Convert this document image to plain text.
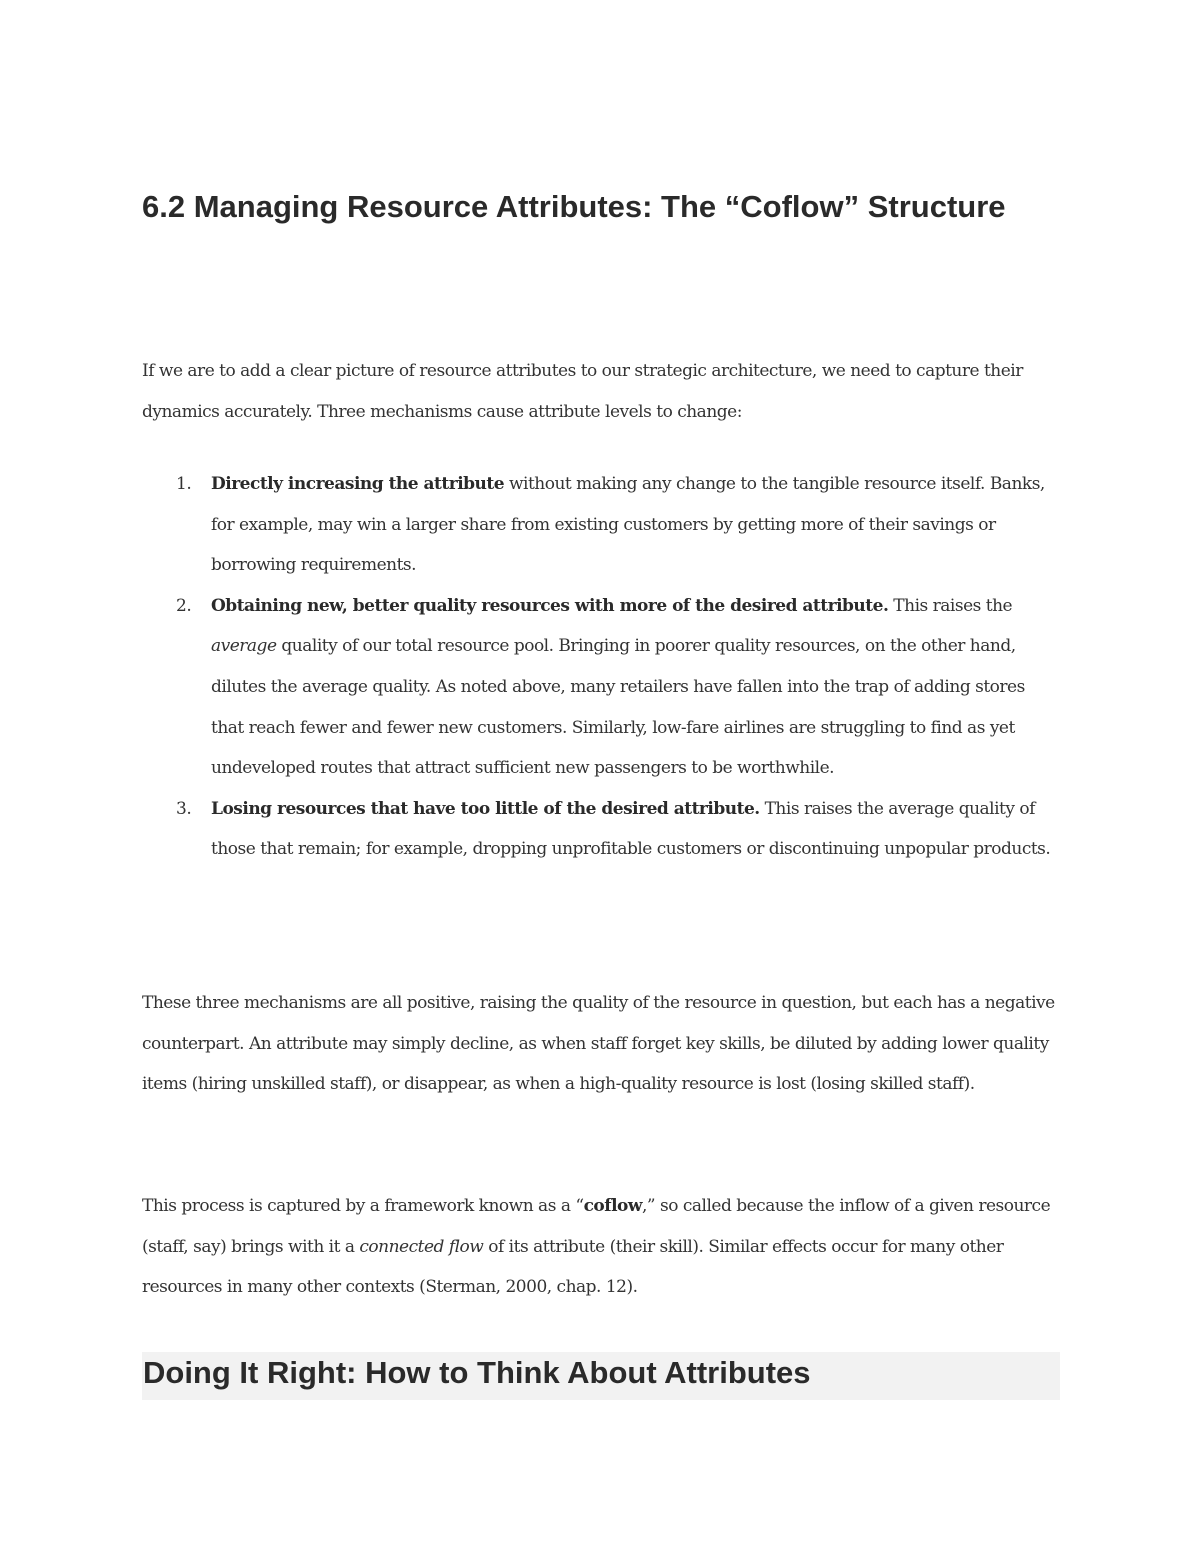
6.2 Managing Resource Attributes: The “Coflow” Structure

If we are to add a clear picture of resource attributes to our strategic architecture, we need to capture their dynamics accurately. Three mechanisms cause attribute levels to change:

1. Directly increasing the attribute without making any change to the tangible resource itself. Banks, for example, may win a larger share from existing customers by getting more of their savings or borrowing requirements.
2. Obtaining new, better quality resources with more of the desired attribute. This raises the average quality of our total resource pool. Bringing in poorer quality resources, on the other hand, dilutes the average quality. As noted above, many retailers have fallen into the trap of adding stores that reach fewer and fewer new customers. Similarly, low-fare airlines are struggling to find as yet undeveloped routes that attract sufficient new passengers to be worthwhile.
3. Losing resources that have too little of the desired attribute. This raises the average quality of those that remain; for example, dropping unprofitable customers or discontinuing unpopular products.

These three mechanisms are all positive, raising the quality of the resource in question, but each has a negative counterpart. An attribute may simply decline, as when staff forget key skills, be diluted by adding lower quality items (hiring unskilled staff), or disappear, as when a high-quality resource is lost (losing skilled staff).

This process is captured by a framework known as a “coflow,” so called because the inflow of a given resource (staff, say) brings with it a connected flow of its attribute (their skill). Similar effects occur for many other resources in many other contexts (Sterman, 2000, chap. 12).

Doing It Right: How to Think About Attributes
